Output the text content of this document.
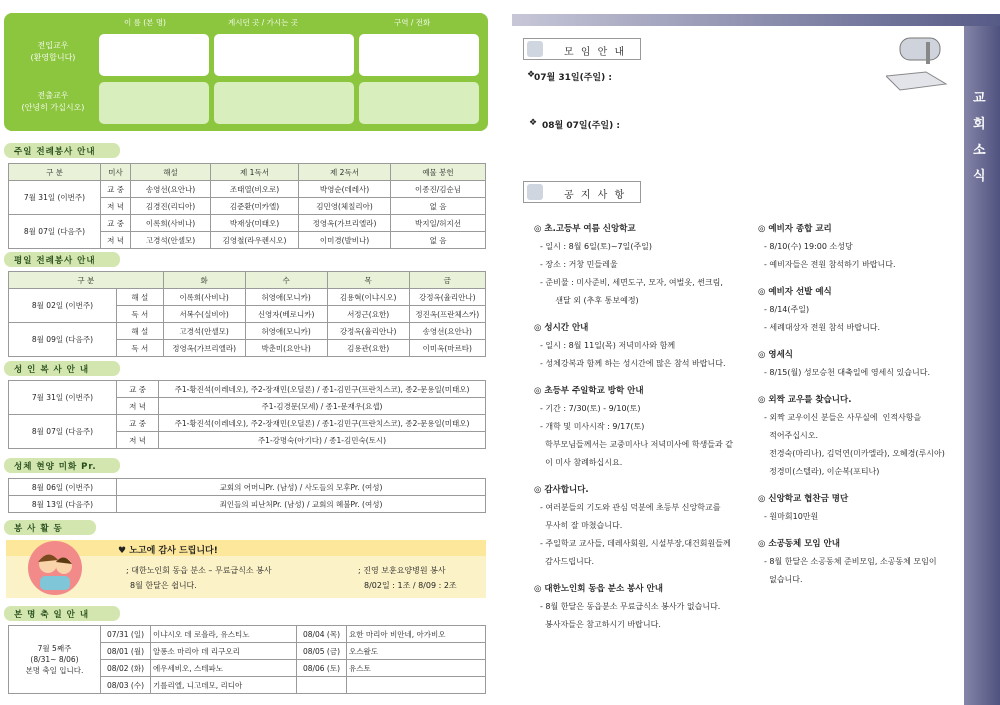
이 름 (본 명)	계시던 곳 / 가시는 곳	구역 / 전화
전입교우
(환영합니다)
전출교우
(안녕히 가십시오)
주일 전례봉사 안내
구 분	미사	해설	제 1독서	제 2독서	예물 봉헌
7월 31일 (이번주)	교 중	송영선(요안나)	조태열(비오로)	박영순(데레사)	이종진/김순님
	저 녁	김경진(리디아)	김준환(미카엘)	김민영(체칠리아)	없 음
8월 07일 (다음주)	교 중	이록희(사비나)	박재상(미태오)	정영옥(가브리엘라)	박지일/허지선
	저 녁	고경석(안셀모)	김영철(라우렌시오)	이미경(발비나)	없 음
평일 전례봉사 안내
구 분		화	수	목	금
8월 02일 (이번주)	해 설	이록희(사비나)	허영애(모니카)	김용혁(이냐시오)	강정옥(율리안나)
	독 서	서복수(실비아)	신영자(베로니카)	서정근(요한)	정진옥(프란체스카)
8월 09일 (다음주)	해 설	고경석(안셀모)	허영애(모니카)	강정옥(율리안나)	송영선(요안나)
	독 서	정영옥(가브리엘라)	박춘미(요안나)	김용관(요한)	이미옥(마르타)
성 인 복 사 안 내
7월 31일 (이번주)	교 중	주1-황진석(이레네오), 주2-장재민(오딜론) / 종1-김민구(프란치스코), 종2-문용일(미태오)
	저 녁	주1-김경문(모세) / 종1-문재우(요셉)
8월 07일 (다음주)	교 중	주1-황진석(이레네오), 주2-장재민(오딜론) / 종1-김민구(프란치스코), 종2-문용일(미태오)
	저 녁	주1-강명숙(아기다) / 종1-김민숙(토시)
성체 현양 미화 Pr.
8월 06일 (이번주)	교회의 어머니Pr. (남성) / 사도들의 모후Pr. (여성)
8월 13일 (다음주)	죄인들의 피난처Pr. (남성) / 교회의 혜불Pr. (여성)
봉 사 활 동
♥ 노고에 감사 드립니다!
; 대한노인회 동읍 분소 – 무료급식소 봉사
8월 한달은 쉽니다.
; 진영 보훈요양병원 봉사
8/02일 : 1조 / 8/09 : 2조
본 명 축 일 안 내
7월 5째주
(8/31~ 8/06)
본명 축일 입니다.	07/31 (일)	이냐시오 데 로욜라, 유스티노	08/04 (목)	요한 마리아 비안네, 아가비오
	08/01 (월)	알퐁소 마리아 데 리구오리	08/05 (금)	오스왈도
	08/02 (화)	에우세비오, 스테파노	08/06 (토)	유스토
	08/03 (수)	기를리엘, 니고데모, 리디아		
교 회 소 식
모 임 안 내
07월 31일(주일) :
❖
08월 07일(주일) :
❖
공 지 사 항
◎ 초.고등부 여름 신앙학교
- 일시 : 8월 6일(토)~7일(주일)
- 장소 : 거창 민들레울
- 준비물 : 미사준비, 세면도구, 모자, 여벌옷, 썬크림,
샌달 외 (추후 통보예정)
◎ 성시간 안내
- 일시 : 8월 11일(목) 저녁미사와 함께
- 성체강복과 함께 하는 성시간에 많은 참석 바랍니다.
◎ 초등부 주일학교 방학 안내
- 기간 : 7/30(토) - 9/10(토)
- 개학 및 미사시작 : 9/17(토)
학부모님들께서는 교중미사나 저녁미사에 학생들과 같
이 미사 참례하십시요.
◎ 감사합니다.
- 여러분들의 기도와 관심 덕분에 초등부 신앙학교를
무사히 잘 마쳤습니다.
- 주일학교 교사들, 데레사회원, 시설부장,대건회원들께
감사드립니다.
◎ 대한노인회 동읍 분소 봉사 안내
- 8월 한달은 동읍분소 무료급식소 봉사가 없습니다.
봉사자들은 참고하시기 바랍니다.
◎ 예비자 종합 교리
- 8/10(수) 19:00 소성당
- 예비자들은 전원 참석하기 바랍니다.
◎ 예비자 선발 예식
- 8/14(주일)
- 세례대상자 전원 참석 바랍니다.
◎ 영세식
- 8/15(월) 성모승천 대축일에 영세식 있습니다.
◎ 외짝 교우를 찾습니다.
- 외짝 교우이신 분들은 사무실에  인적사항을
적어주십시오.
전경숙(마리나), 김덕연(미카엘라), 오혜경(루시아)
정경미(스텔라), 이순복(포티나)
◎ 신앙학교 협찬금 명단
- 원마회10만원
◎ 소공동체 모임 안내
- 8월 한달은 소공동체 준비모임, 소공동체 모임이
없습니다.
